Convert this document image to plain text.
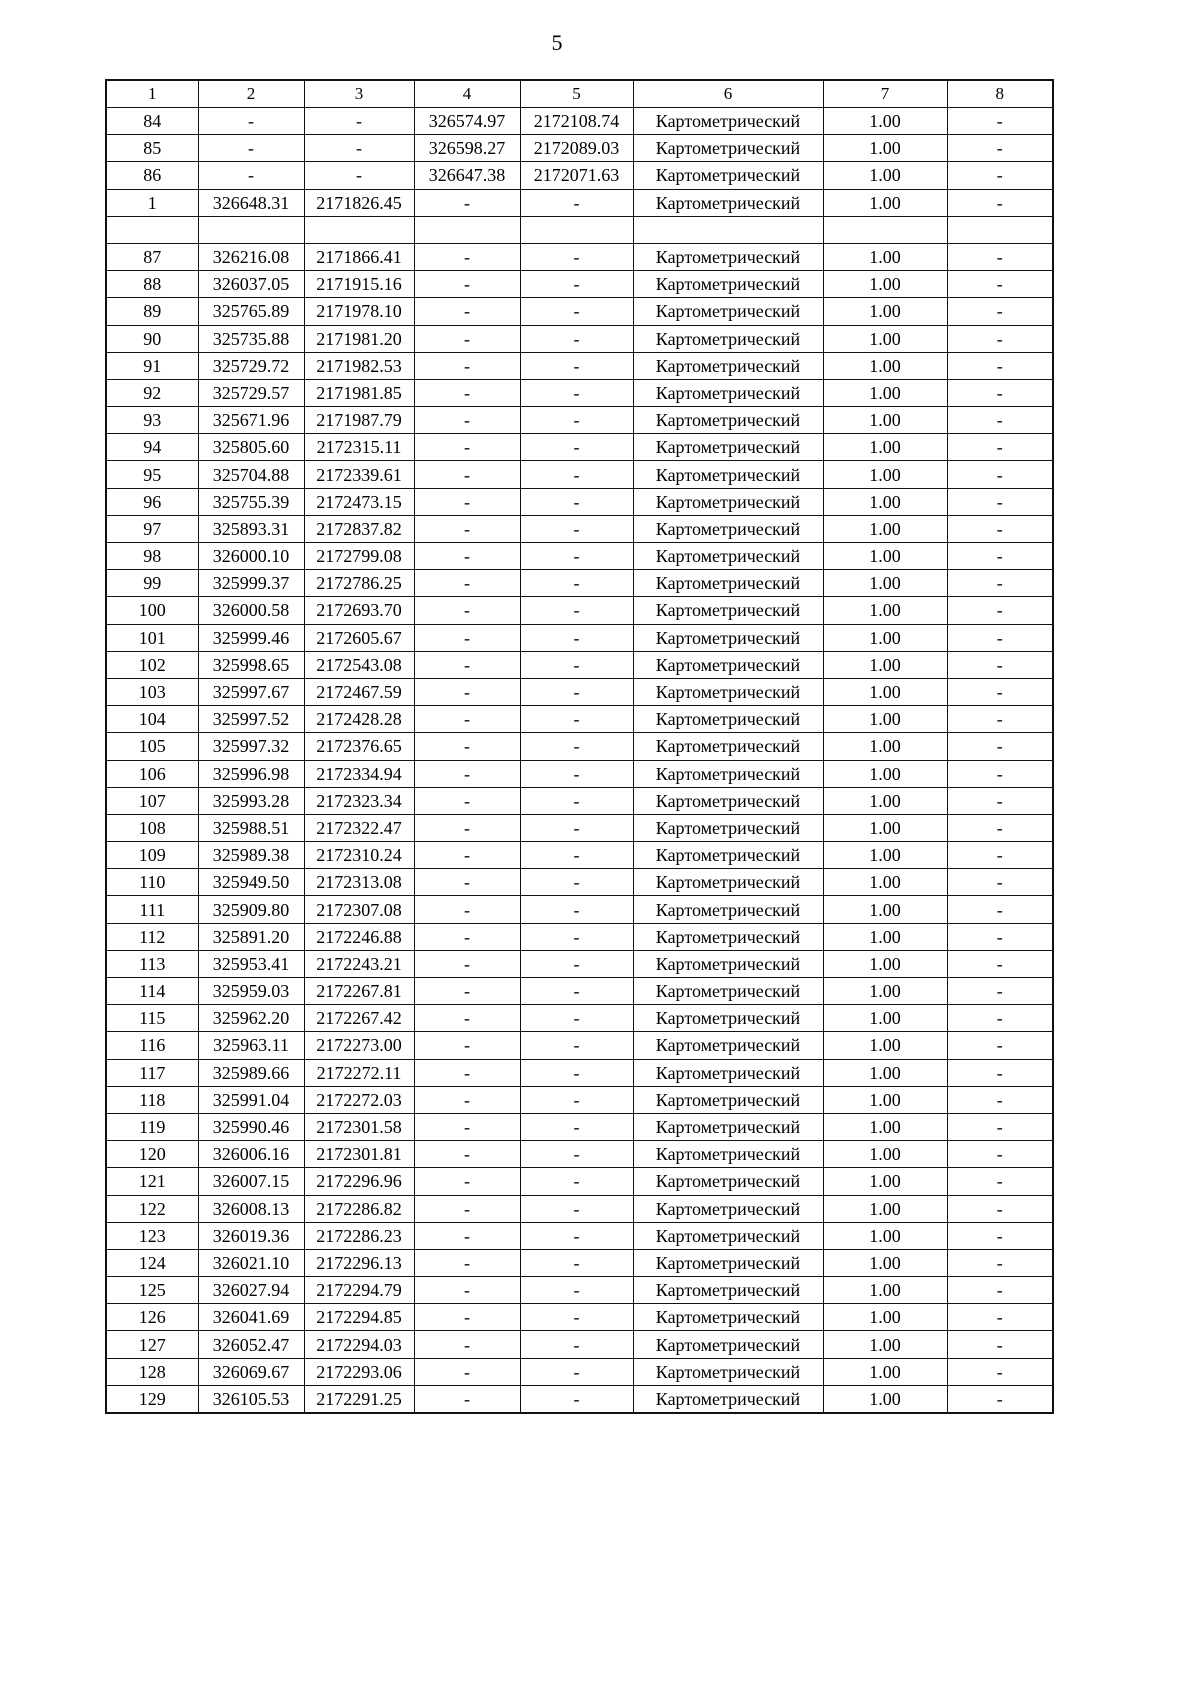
5
1	2	3	4	5	6	7	8
84	-	-	326574.97	2172108.74	Картометрический	1.00	-
85	-	-	326598.27	2172089.03	Картометрический	1.00	-
86	-	-	326647.38	2172071.63	Картометрический	1.00	-
1	326648.31	2171826.45	-	-	Картометрический	1.00	-

87	326216.08	2171866.41	-	-	Картометрический	1.00	-
88	326037.05	2171915.16	-	-	Картометрический	1.00	-
89	325765.89	2171978.10	-	-	Картометрический	1.00	-
90	325735.88	2171981.20	-	-	Картометрический	1.00	-
91	325729.72	2171982.53	-	-	Картометрический	1.00	-
92	325729.57	2171981.85	-	-	Картометрический	1.00	-
93	325671.96	2171987.79	-	-	Картометрический	1.00	-
94	325805.60	2172315.11	-	-	Картометрический	1.00	-
95	325704.88	2172339.61	-	-	Картометрический	1.00	-
96	325755.39	2172473.15	-	-	Картометрический	1.00	-
97	325893.31	2172837.82	-	-	Картометрический	1.00	-
98	326000.10	2172799.08	-	-	Картометрический	1.00	-
99	325999.37	2172786.25	-	-	Картометрический	1.00	-
100	326000.58	2172693.70	-	-	Картометрический	1.00	-
101	325999.46	2172605.67	-	-	Картометрический	1.00	-
102	325998.65	2172543.08	-	-	Картометрический	1.00	-
103	325997.67	2172467.59	-	-	Картометрический	1.00	-
104	325997.52	2172428.28	-	-	Картометрический	1.00	-
105	325997.32	2172376.65	-	-	Картометрический	1.00	-
106	325996.98	2172334.94	-	-	Картометрический	1.00	-
107	325993.28	2172323.34	-	-	Картометрический	1.00	-
108	325988.51	2172322.47	-	-	Картометрический	1.00	-
109	325989.38	2172310.24	-	-	Картометрический	1.00	-
110	325949.50	2172313.08	-	-	Картометрический	1.00	-
111	325909.80	2172307.08	-	-	Картометрический	1.00	-
112	325891.20	2172246.88	-	-	Картометрический	1.00	-
113	325953.41	2172243.21	-	-	Картометрический	1.00	-
114	325959.03	2172267.81	-	-	Картометрический	1.00	-
115	325962.20	2172267.42	-	-	Картометрический	1.00	-
116	325963.11	2172273.00	-	-	Картометрический	1.00	-
117	325989.66	2172272.11	-	-	Картометрический	1.00	-
118	325991.04	2172272.03	-	-	Картометрический	1.00	-
119	325990.46	2172301.58	-	-	Картометрический	1.00	-
120	326006.16	2172301.81	-	-	Картометрический	1.00	-
121	326007.15	2172296.96	-	-	Картометрический	1.00	-
122	326008.13	2172286.82	-	-	Картометрический	1.00	-
123	326019.36	2172286.23	-	-	Картометрический	1.00	-
124	326021.10	2172296.13	-	-	Картометрический	1.00	-
125	326027.94	2172294.79	-	-	Картометрический	1.00	-
126	326041.69	2172294.85	-	-	Картометрический	1.00	-
127	326052.47	2172294.03	-	-	Картометрический	1.00	-
128	326069.67	2172293.06	-	-	Картометрический	1.00	-
129	326105.53	2172291.25	-	-	Картометрический	1.00	-
